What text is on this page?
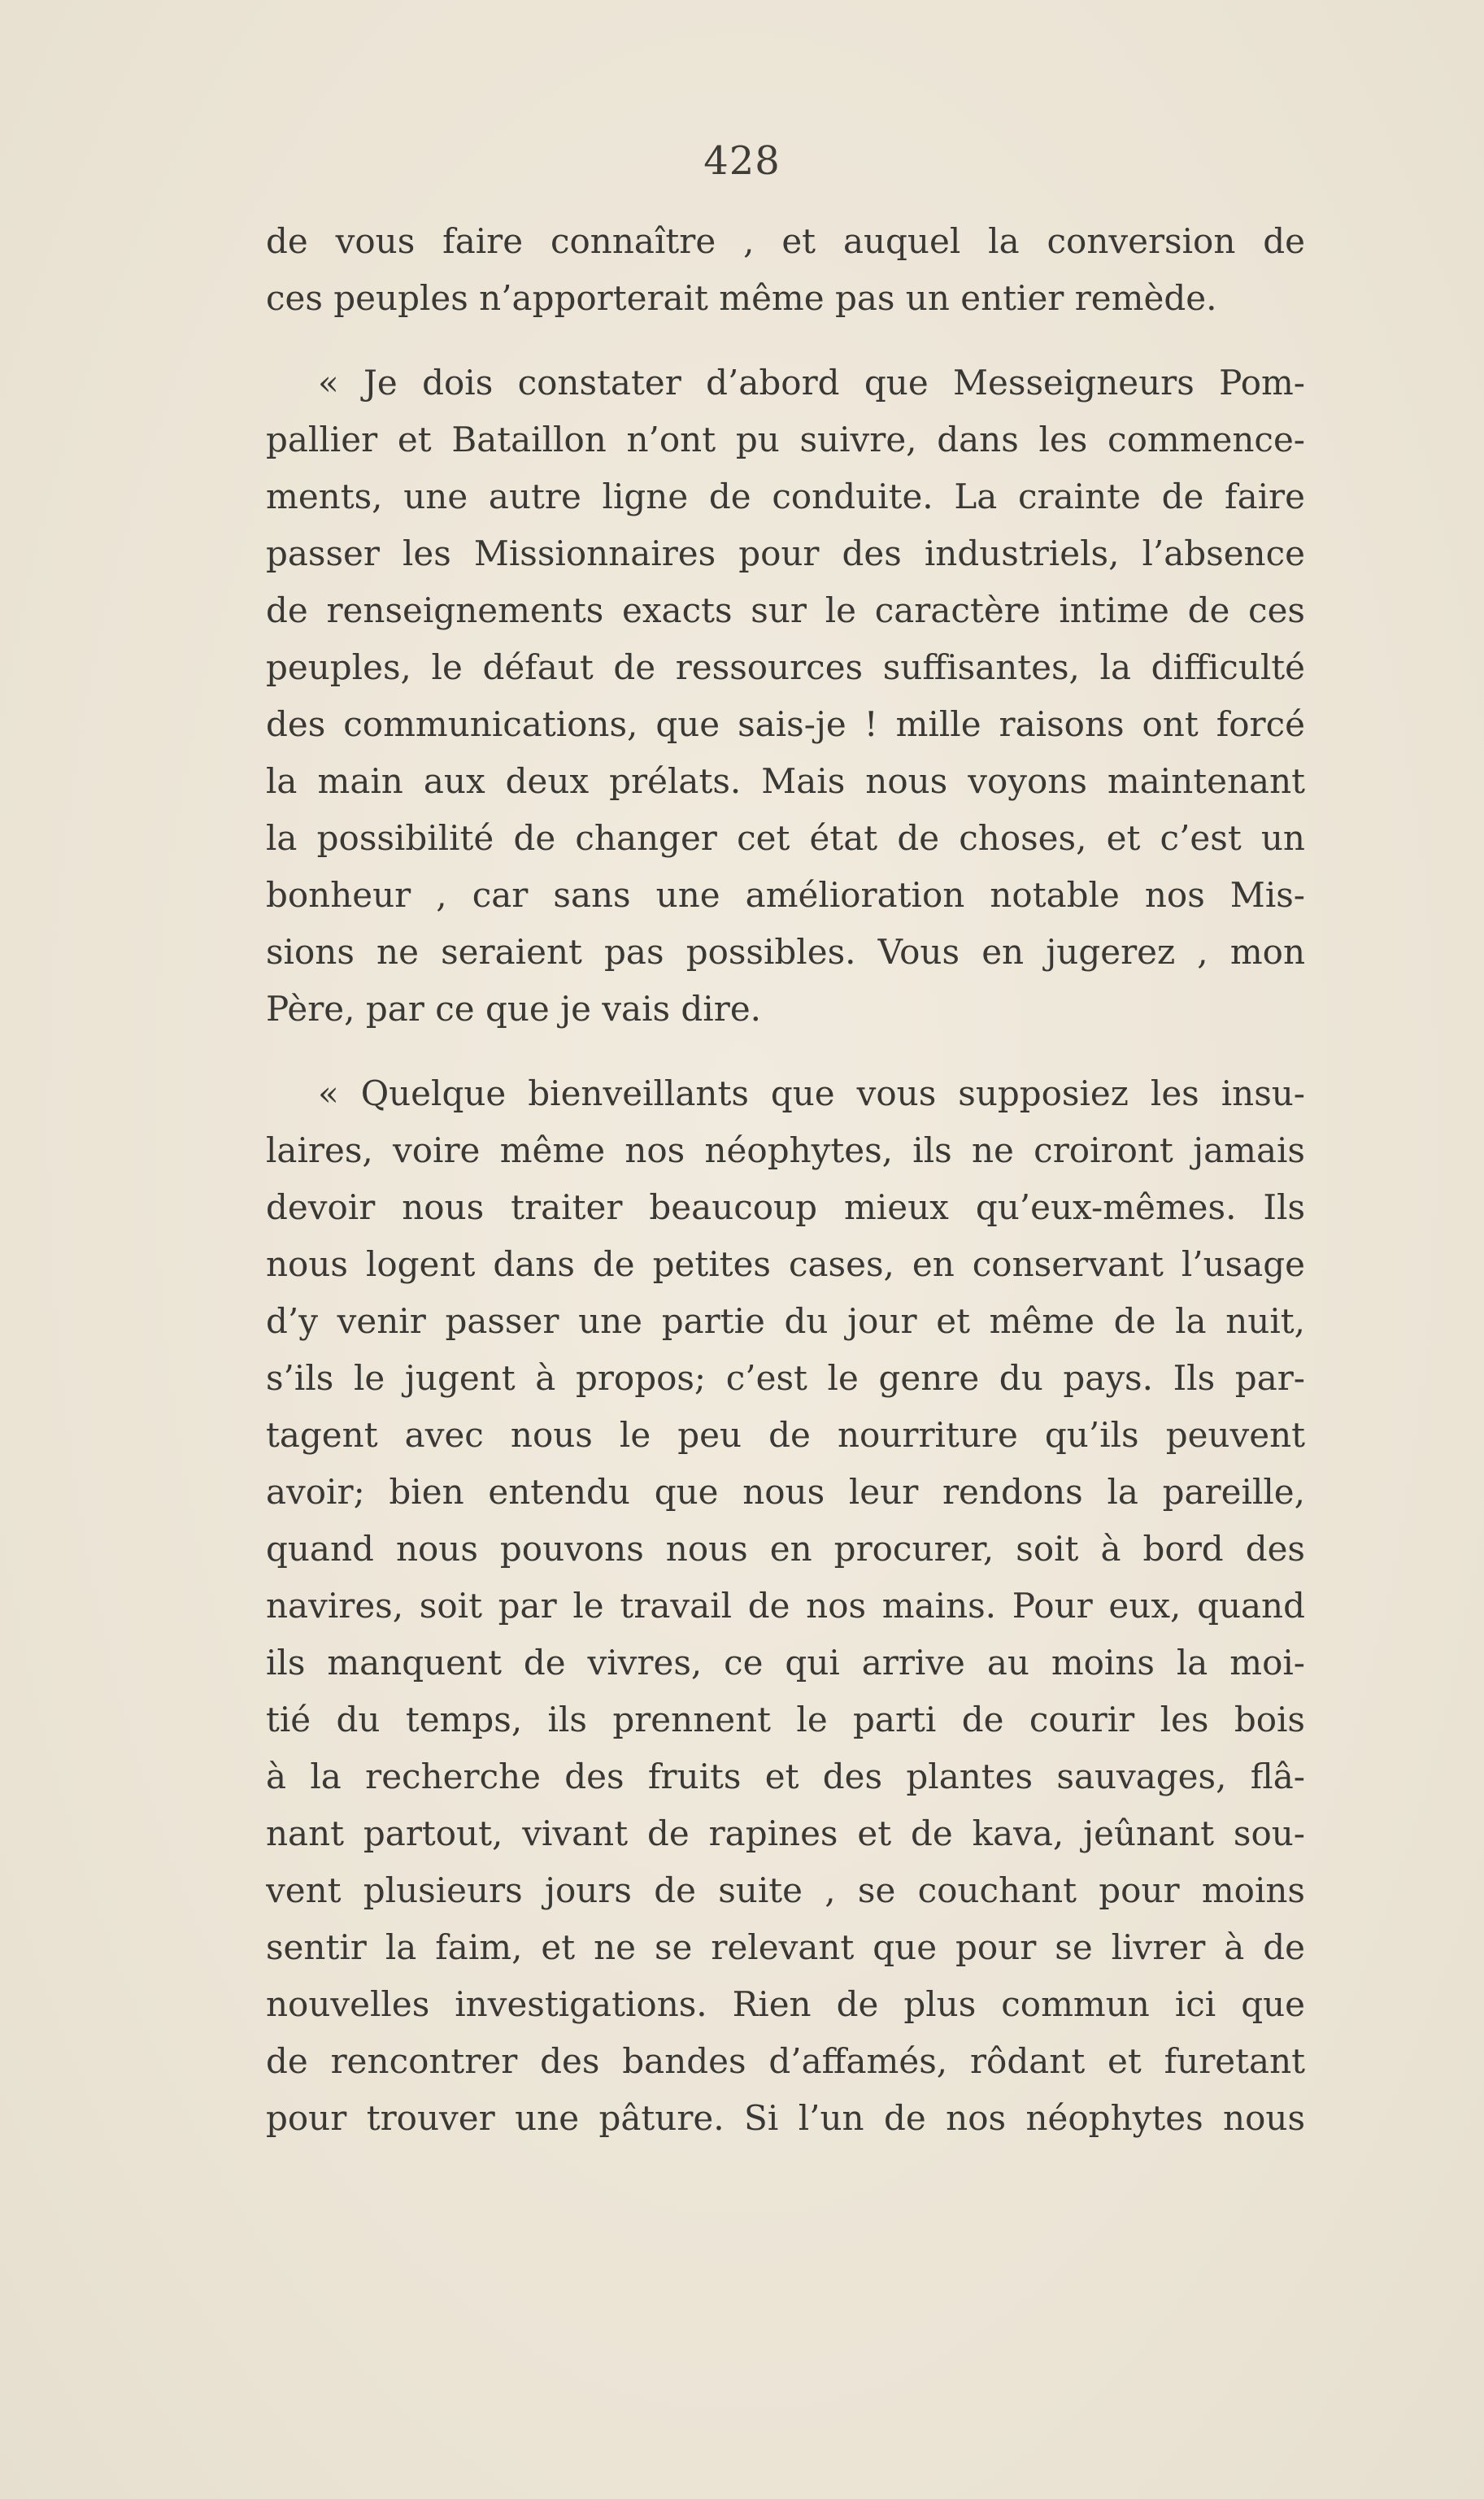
428
de vous faire connaître , et auquel la conversion de
ces peuples n’apporterait même pas un entier remède.
« Je dois constater d’abord que Messeigneurs Pom-
pallier et Bataillon n’ont pu suivre, dans les commence-
ments, une autre ligne de conduite. La crainte de faire
passer les Missionnaires pour des industriels, l’absence
de renseignements exacts sur le caractère intime de ces
peuples, le défaut de ressources suffisantes, la difficulté
des communications, que sais-je ! mille raisons ont forcé
la main aux deux prélats. Mais nous voyons maintenant
la possibilité de changer cet état de choses, et c’est un
bonheur , car sans une amélioration notable nos Mis-
sions ne seraient pas possibles. Vous en jugerez , mon
Père, par ce que je vais dire.
« Quelque bienveillants que vous supposiez les insu-
laires, voire même nos néophytes, ils ne croiront jamais
devoir nous traiter beaucoup mieux qu’eux-mêmes. Ils
nous logent dans de petites cases, en conservant l’usage
d’y venir passer une partie du jour et même de la nuit,
s’ils le jugent à propos; c’est le genre du pays. Ils par-
tagent avec nous le peu de nourriture qu’ils peuvent
avoir; bien entendu que nous leur rendons la pareille,
quand nous pouvons nous en procurer, soit à bord des
navires, soit par le travail de nos mains. Pour eux, quand
ils manquent de vivres, ce qui arrive au moins la moi-
tié du temps, ils prennent le parti de courir les bois
à la recherche des fruits et des plantes sauvages, flâ-
nant partout, vivant de rapines et de kava, jeûnant sou-
vent plusieurs jours de suite , se couchant pour moins
sentir la faim, et ne se relevant que pour se livrer à de
nouvelles investigations. Rien de plus commun ici que
de rencontrer des bandes d’affamés, rôdant et furetant
pour trouver une pâture. Si l’un de nos néophytes nous
